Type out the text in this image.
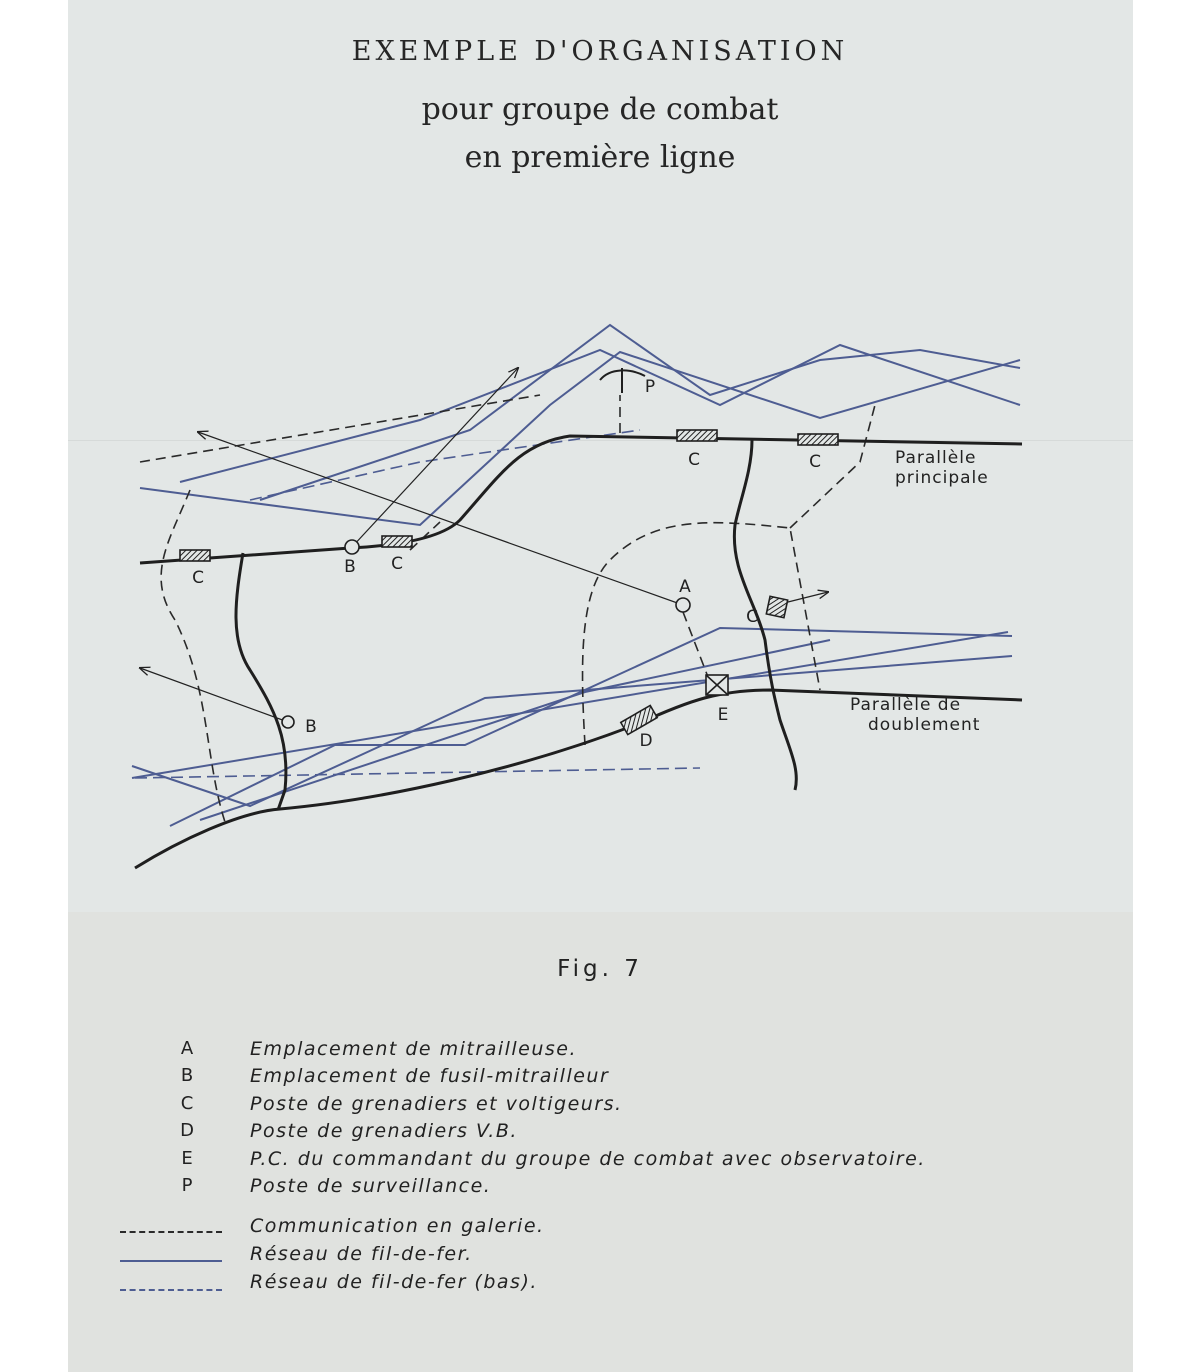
EXEMPLE D'ORGANISATION
pour groupe de combat
en première ligne
C
C
C	C
C
B
B
A
D
E
P
Parallèle
principale
Parallèle de
doublement
Fig. 7
A	Emplacement de mitrailleuse.
B	Emplacement de fusil-mitrailleur
C	Poste de grenadiers et voltigeurs.
D	Poste de grenadiers V.B.
E	P.C. du commandant du groupe de combat avec observatoire.
P	Poste de surveillance.
Communication en galerie.
Réseau de fil-de-fer.
Réseau de fil-de-fer (bas).
